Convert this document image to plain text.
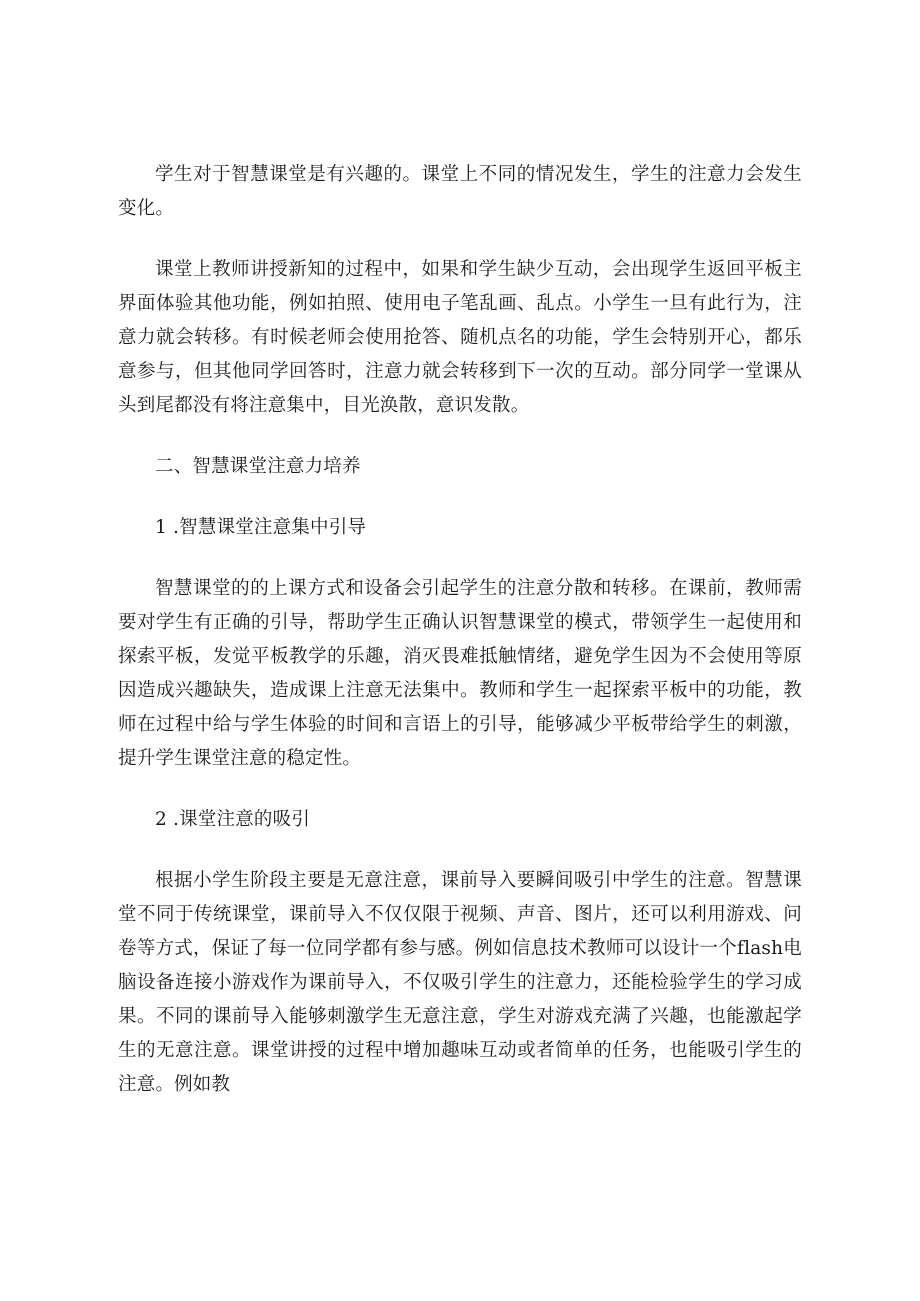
学生对于智慧课堂是有兴趣的。课堂上不同的情况发生，学生的注意力会发生变化。

课堂上教师讲授新知的过程中，如果和学生缺少互动，会出现学生返回平板主界面体验其他功能，例如拍照、使用电子笔乱画、乱点。小学生一旦有此行为，注意力就会转移。有时候老师会使用抢答、随机点名的功能，学生会特别开心，都乐意参与，但其他同学回答时，注意力就会转移到下一次的互动。部分同学一堂课从头到尾都没有将注意集中，目光涣散，意识发散。

二、智慧课堂注意力培养

1 .智慧课堂注意集中引导

智慧课堂的的上课方式和设备会引起学生的注意分散和转移。在课前，教师需要对学生有正确的引导，帮助学生正确认识智慧课堂的模式，带领学生一起使用和探索平板，发觉平板教学的乐趣，消灭畏难抵触情绪，避免学生因为不会使用等原因造成兴趣缺失，造成课上注意无法集中。教师和学生一起探索平板中的功能，教师在过程中给与学生体验的时间和言语上的引导，能够减少平板带给学生的刺激，提升学生课堂注意的稳定性。

2 .课堂注意的吸引

根据小学生阶段主要是无意注意，课前导入要瞬间吸引中学生的注意。智慧课堂不同于传统课堂，课前导入不仅仅限于视频、声音、图片，还可以利用游戏、问卷等方式，保证了每一位同学都有参与感。例如信息技术教师可以设计一个flash电脑设备连接小游戏作为课前导入，不仅吸引学生的注意力，还能检验学生的学习成果。不同的课前导入能够刺激学生无意注意，学生对游戏充满了兴趣，也能激起学生的无意注意。课堂讲授的过程中增加趣味互动或者简单的任务，也能吸引学生的注意。例如教
